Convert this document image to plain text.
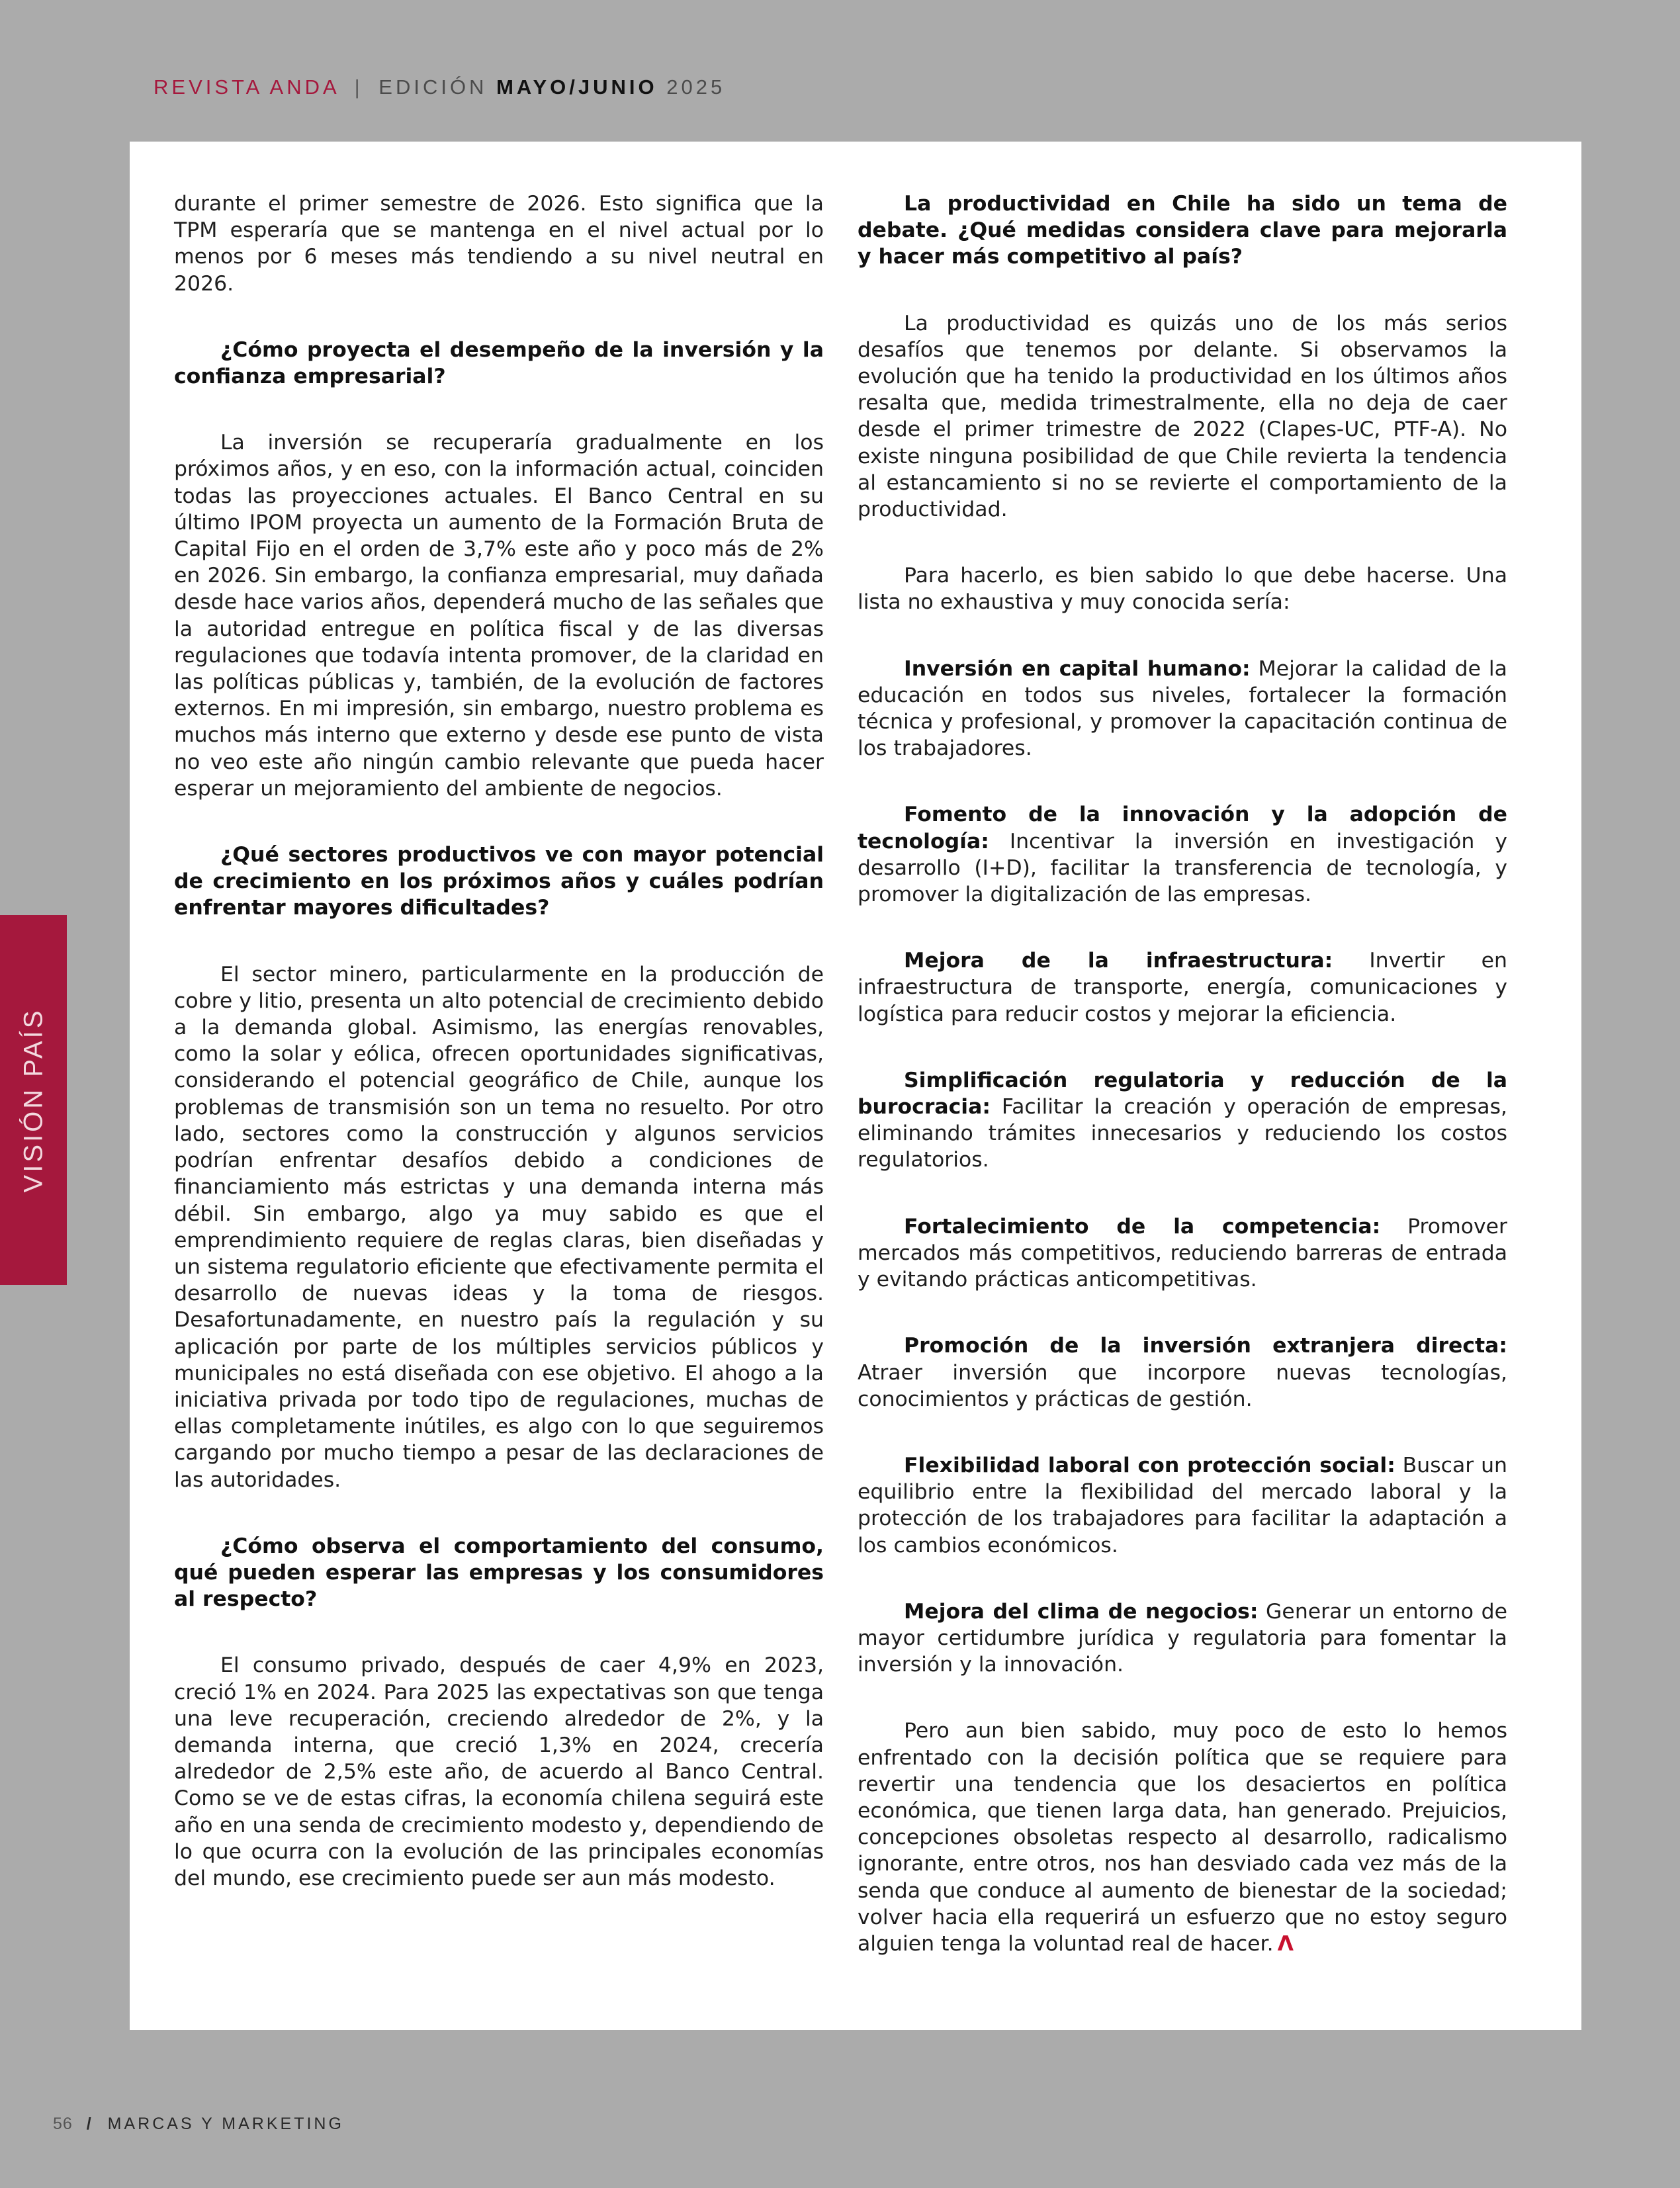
REVISTA ANDA | EDICIÓN MAYO/JUNIO 2025
VISIÓN PAÍS

durante el primer semestre de 2026. Esto significa que la TPM esperaría que se mantenga en el nivel actual por lo menos por 6 meses más tendiendo a su nivel neutral en 2026.

¿Cómo proyecta el desempeño de la inversión y la confianza empresarial?

La inversión se recuperaría gradualmente en los próximos años, y en eso, con la información actual, coinciden todas las proyecciones actuales. El Banco Central en su último IPOM proyecta un aumento de la Formación Bruta de Capital Fijo en el orden de 3,7% este año y poco más de 2% en 2026. Sin embargo, la confianza empresarial, muy dañada desde hace varios años, dependerá mucho de las señales que la autoridad entregue en política fiscal y de las diversas regulaciones que todavía intenta promover, de la claridad en las políticas públicas y, también, de la evolución de factores externos. En mi impresión, sin embargo, nuestro problema es muchos más interno que externo y desde ese punto de vista no veo este año ningún cambio relevante que pueda hacer esperar un mejoramiento del ambiente de negocios.

¿Qué sectores productivos ve con mayor potencial de crecimiento en los próximos años y cuáles podrían enfrentar mayores dificultades?

El sector minero, particularmente en la producción de cobre y litio, presenta un alto potencial de crecimiento debido a la demanda global. Asimismo, las energías renovables, como la solar y eólica, ofrecen oportunidades significativas, considerando el potencial geográfico de Chile, aunque los problemas de transmisión son un tema no resuelto. Por otro lado, sectores como la construcción y algunos servicios podrían enfrentar desafíos debido a condiciones de financiamiento más estrictas y una demanda interna más débil. Sin embargo, algo ya muy sabido es que el emprendimiento requiere de reglas claras, bien diseñadas y un sistema regulatorio eficiente que efectivamente permita el desarrollo de nuevas ideas y la toma de riesgos. Desafortunadamente, en nuestro país la regulación y su aplicación por parte de los múltiples servicios públicos y municipales no está diseñada con ese objetivo. El ahogo a la iniciativa privada por todo tipo de regulaciones, muchas de ellas completamente inútiles, es algo con lo que seguiremos cargando por mucho tiempo a pesar de las declaraciones de las autoridades.

¿Cómo observa el comportamiento del consumo, qué pueden esperar las empresas y los consumidores al respecto?

El consumo privado, después de caer 4,9% en 2023, creció 1% en 2024. Para 2025 las expectativas son que tenga una leve recuperación, creciendo alrededor de 2%, y la demanda interna, que creció 1,3% en 2024, crecería alrededor de 2,5% este año, de acuerdo al Banco Central. Como se ve de estas cifras, la economía chilena seguirá este año en una senda de crecimiento modesto y, dependiendo de lo que ocurra con la evolución de las principales economías del mundo, ese crecimiento puede ser aun más modesto.

La productividad en Chile ha sido un tema de debate. ¿Qué medidas considera clave para mejorarla y hacer más competitivo al país?

La productividad es quizás uno de los más serios desafíos que tenemos por delante. Si observamos la evolución que ha tenido la productividad en los últimos años resalta que, medida trimestralmente, ella no deja de caer desde el primer trimestre de 2022 (Clapes-UC, PTF-A). No existe ninguna posibilidad de que Chile revierta la tendencia al estancamiento si no se revierte el comportamiento de la productividad.

Para hacerlo, es bien sabido lo que debe hacerse. Una lista no exhaustiva y muy conocida sería:

Inversión en capital humano: Mejorar la calidad de la educación en todos sus niveles, fortalecer la formación técnica y profesional, y promover la capacitación continua de los trabajadores.

Fomento de la innovación y la adopción de tecnología: Incentivar la inversión en investigación y desarrollo (I+D), facilitar la transferencia de tecnología, y promover la digitalización de las empresas.

Mejora de la infraestructura: Invertir en infraestructura de transporte, energía, comunicaciones y logística para reducir costos y mejorar la eficiencia.

Simplificación regulatoria y reducción de la burocracia: Facilitar la creación y operación de empresas, eliminando trámites innecesarios y reduciendo los costos regulatorios.

Fortalecimiento de la competencia: Promover mercados más competitivos, reduciendo barreras de entrada y evitando prácticas anticompetitivas.

Promoción de la inversión extranjera directa: Atraer inversión que incorpore nuevas tecnologías, conocimientos y prácticas de gestión.

Flexibilidad laboral con protección social: Buscar un equilibrio entre la flexibilidad del mercado laboral y la protección de los trabajadores para facilitar la adaptación a los cambios económicos.

Mejora del clima de negocios: Generar un entorno de mayor certidumbre jurídica y regulatoria para fomentar la inversión y la innovación.

Pero aun bien sabido, muy poco de esto lo hemos enfrentado con la decisión política que se requiere para revertir una tendencia que los desaciertos en política económica, que tienen larga data, han generado. Prejuicios, concepciones obsoletas respecto al desarrollo, radicalismo ignorante, entre otros, nos han desviado cada vez más de la senda que conduce al aumento de bienestar de la sociedad; volver hacia ella requerirá un esfuerzo que no estoy seguro alguien tenga la voluntad real de hacer. Λ

56 / MARCAS Y MARKETING
